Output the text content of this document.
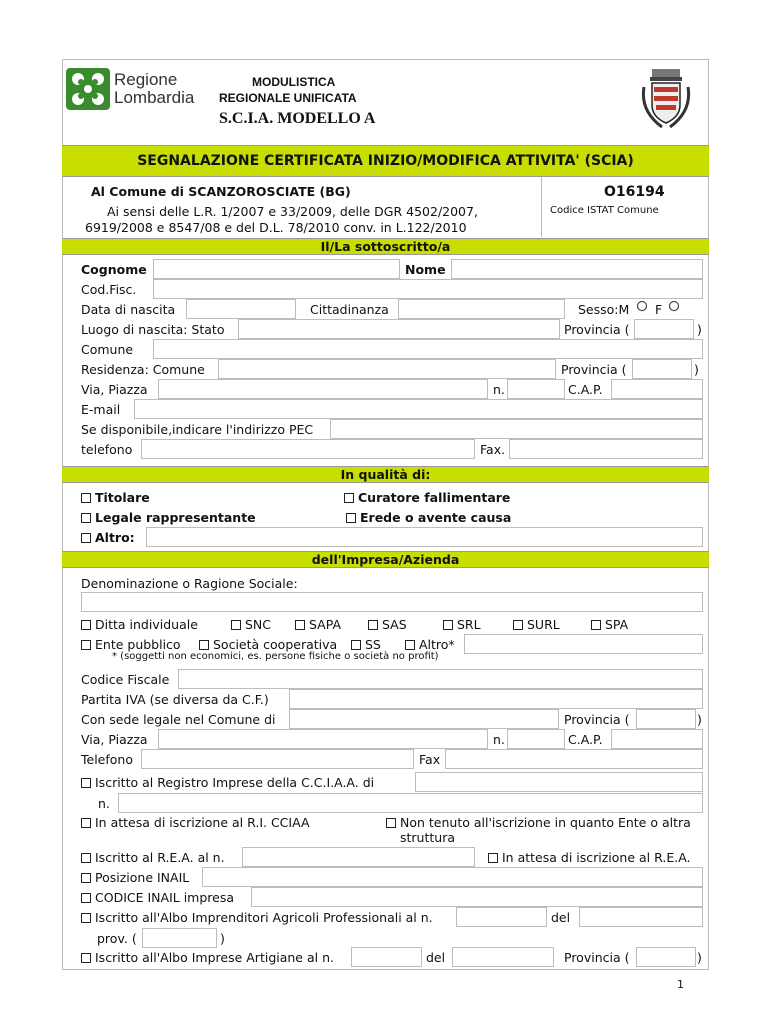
Regione
Lombardia
MODULISTICA
REGIONALE UNIFICATA
S.C.I.A. MODELLO A
SEGNALAZIONE CERTIFICATA INIZIO/MODIFICA ATTIVITA' (SCIA)
Al Comune di SCANZOROSCIATE (BG)	O16194
Codice ISTAT Comune
Ai sensi delle L.R. 1/2007 e 33/2009, delle DGR 4502/2007,
6919/2008 e 8547/08 e del D.L. 78/2010 conv. in L.122/2010
Il/La sottoscritto/a
Cognome	Nome
Cod.Fisc.
Data di nascita	Cittadinanza	Sesso:M F
Luogo di nascita: Stato	Provincia (	)
Comune
Residenza: Comune	Provincia (	)
Via, Piazza	n.	C.A.P.
E-mail
Se disponibile,indicare l'indirizzo PEC
telefono	Fax.
In qualità di:
Titolare	Curatore fallimentare
Legale rappresentante	Erede o avente causa
Altro:
dell'Impresa/Azienda
Denominazione o Ragione Sociale:
Ditta individuale	SNC	SAPA	SAS	SRL	SURL	SPA
Ente pubblico	Società cooperativa	SS	Altro*
* (soggetti non economici, es. persone fisiche o società no profit)
Codice Fiscale
Partita IVA (se diversa da C.F.)
Con sede legale nel Comune di	Provincia (	)
Via, Piazza	n.	C.A.P.
Telefono	Fax
Iscritto al Registro Imprese della C.C.I.A.A. di
n.
In attesa di iscrizione al R.I. CCIAA	Non tenuto all'iscrizione in quanto Ente o altra
struttura
Iscritto al R.E.A. al n.	In attesa di iscrizione al R.E.A.
Posizione INAIL
CODICE INAIL impresa
Iscritto all'Albo Imprenditori Agricoli Professionali al n.	del
prov. (	)
Iscritto all'Albo Imprese Artigiane al n.	del	Provincia (	)
1
